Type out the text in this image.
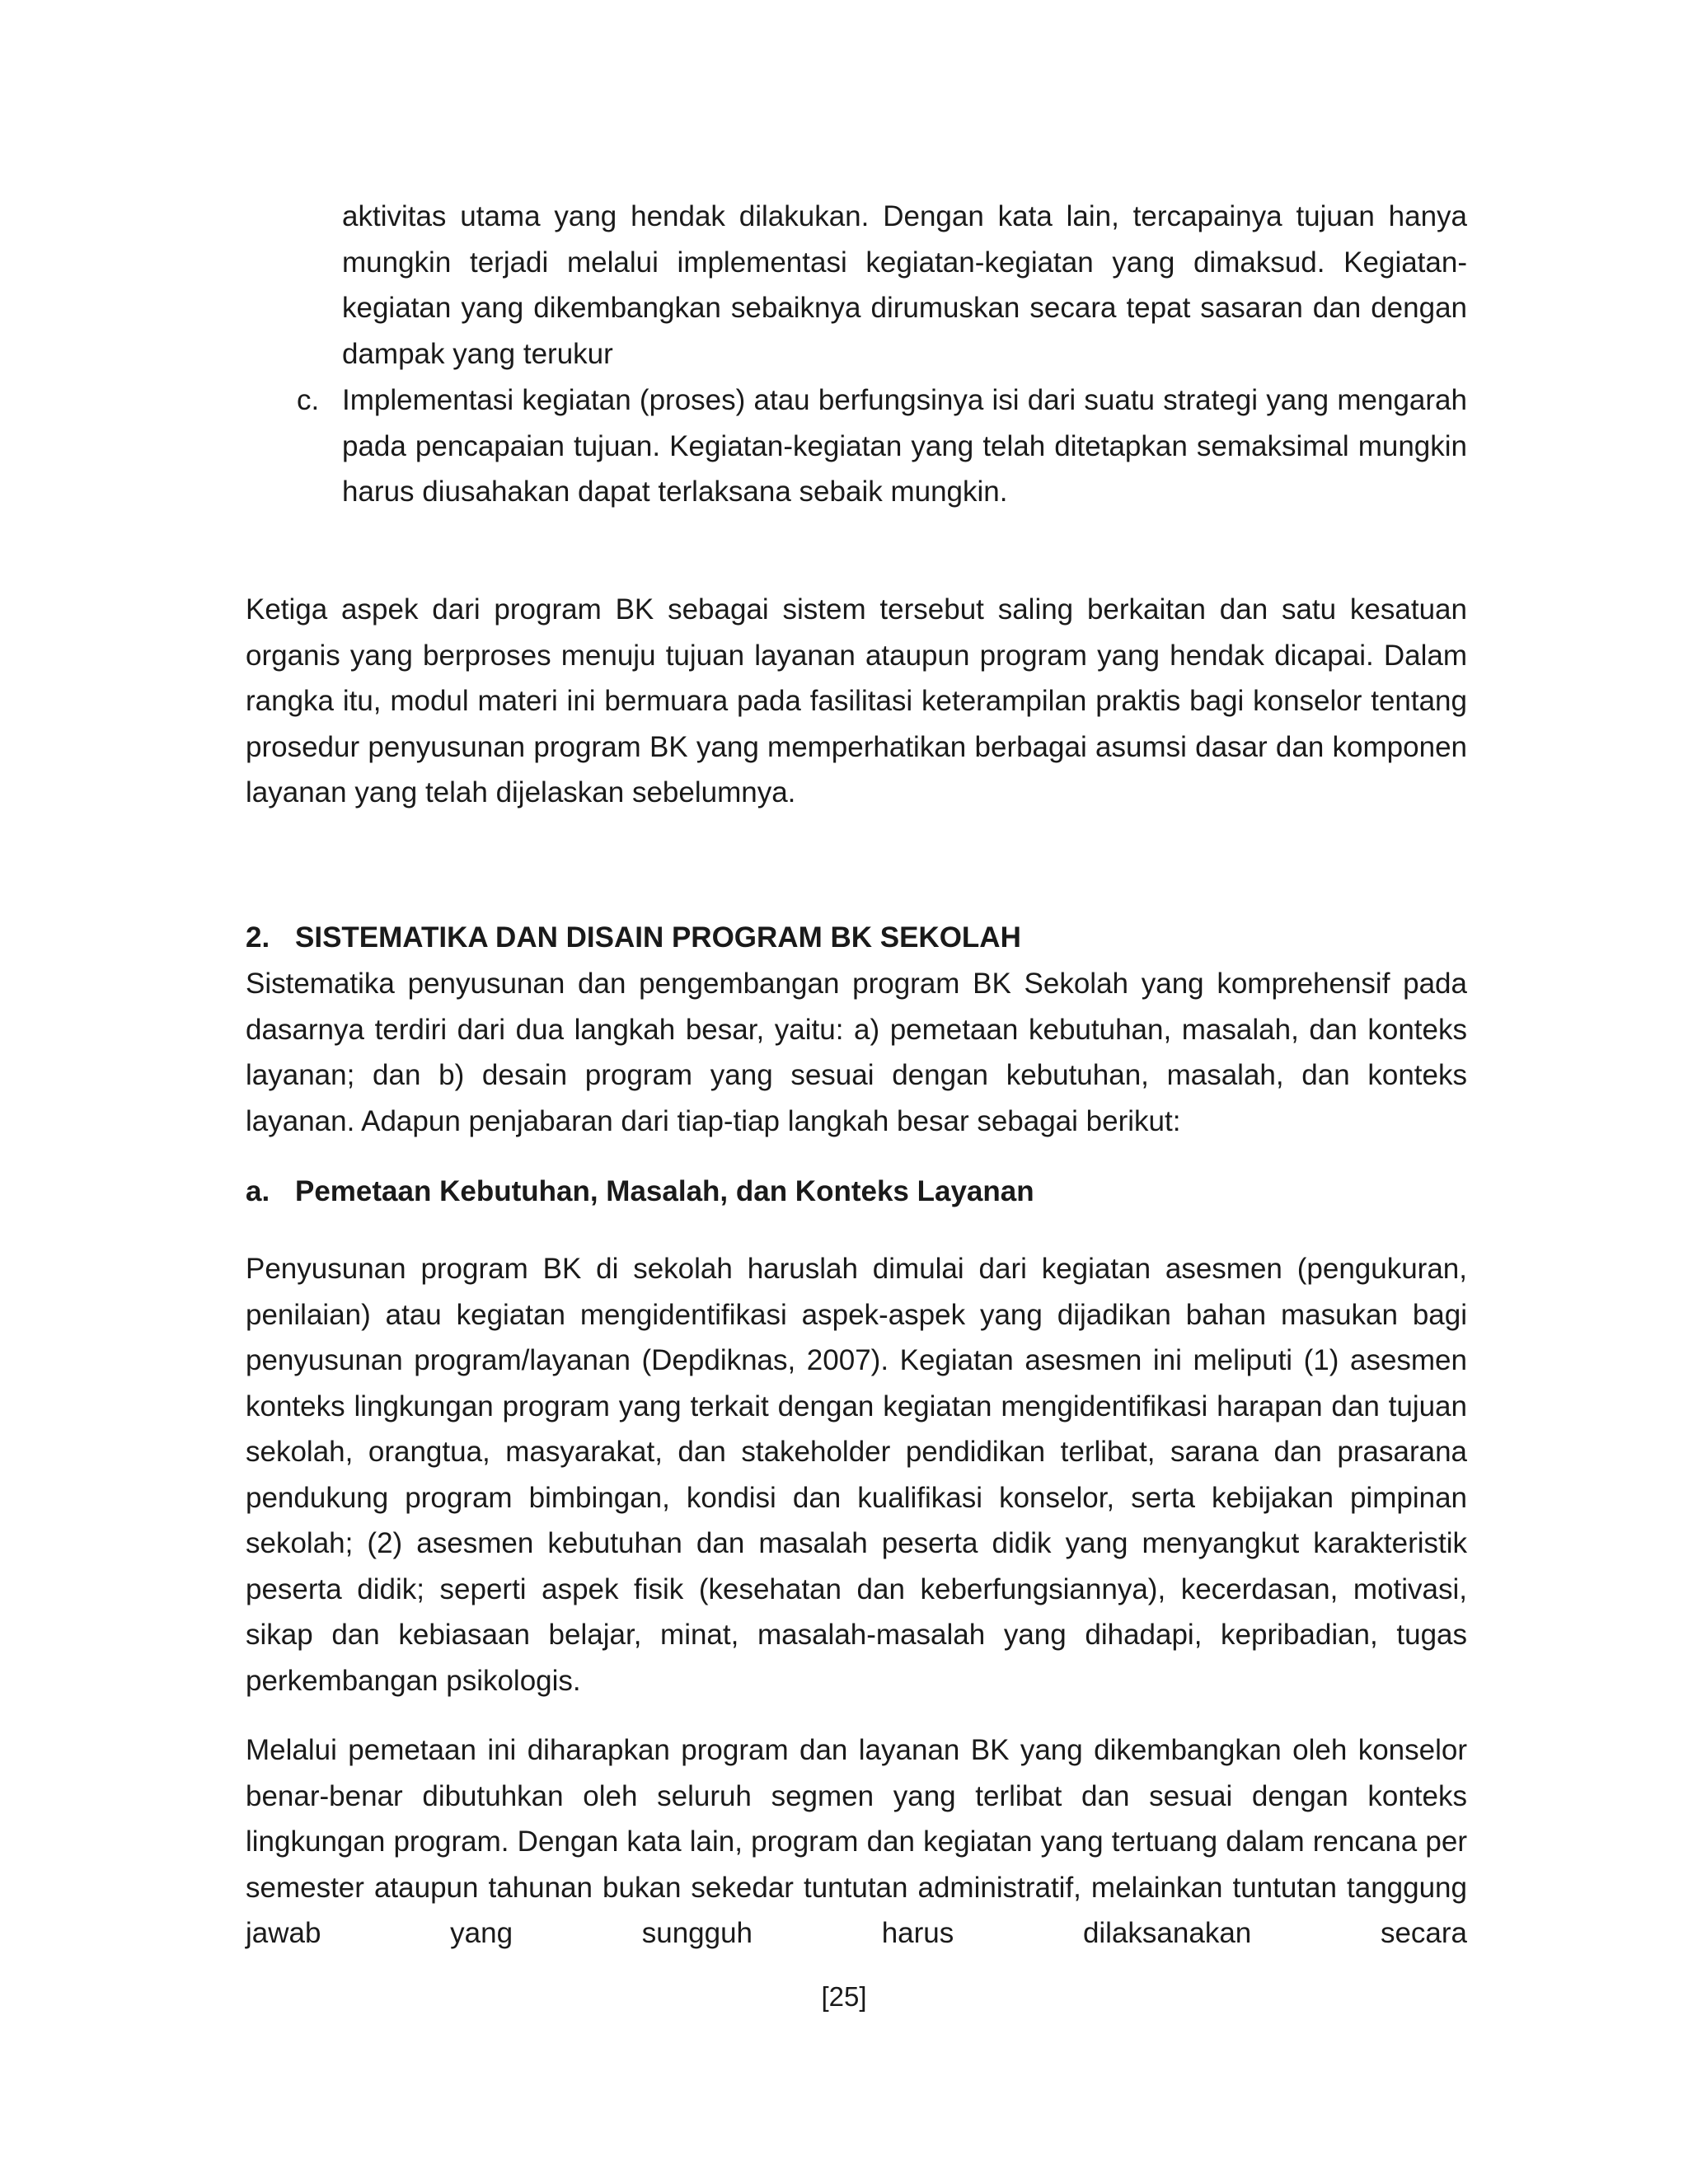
aktivitas utama yang hendak dilakukan. Dengan kata lain, tercapainya tujuan hanya mungkin terjadi melalui implementasi kegiatan-kegiatan yang dimaksud. Kegiatan-kegiatan yang dikembangkan sebaiknya dirumuskan secara tepat sasaran dan dengan dampak yang terukur

c. Implementasi kegiatan (proses) atau berfungsinya isi dari suatu strategi yang mengarah pada pencapaian tujuan. Kegiatan-kegiatan yang telah ditetapkan semaksimal mungkin harus diusahakan dapat terlaksana sebaik mungkin.

Ketiga aspek dari program BK sebagai sistem tersebut saling berkaitan dan satu kesatuan organis yang berproses menuju tujuan layanan ataupun program yang hendak dicapai. Dalam rangka itu, modul materi ini bermuara pada fasilitasi keterampilan praktis bagi konselor tentang prosedur penyusunan program BK yang memperhatikan berbagai asumsi dasar dan komponen layanan yang telah dijelaskan sebelumnya.

2. SISTEMATIKA DAN DISAIN PROGRAM BK SEKOLAH

Sistematika penyusunan dan pengembangan program BK Sekolah yang komprehensif pada dasarnya terdiri dari dua langkah besar, yaitu: a) pemetaan kebutuhan, masalah, dan konteks layanan; dan b) desain program yang sesuai dengan kebutuhan, masalah, dan konteks layanan. Adapun penjabaran dari tiap-tiap langkah besar sebagai berikut:

a. Pemetaan Kebutuhan, Masalah, dan Konteks Layanan

Penyusunan program BK di sekolah haruslah dimulai dari kegiatan asesmen (pengukuran, penilaian) atau kegiatan mengidentifikasi aspek-aspek yang dijadikan bahan masukan bagi penyusunan program/layanan (Depdiknas, 2007). Kegiatan asesmen ini meliputi (1) asesmen konteks lingkungan program yang terkait dengan kegiatan mengidentifikasi harapan dan tujuan sekolah, orangtua, masyarakat, dan stakeholder pendidikan terlibat, sarana dan prasarana pendukung program bimbingan, kondisi dan kualifikasi konselor, serta kebijakan pimpinan sekolah; (2) asesmen kebutuhan dan masalah peserta didik yang menyangkut karakteristik peserta didik; seperti aspek fisik (kesehatan dan keberfungsiannya), kecerdasan, motivasi, sikap dan kebiasaan belajar, minat, masalah-masalah yang dihadapi, kepribadian, tugas perkembangan psikologis.

Melalui pemetaan ini diharapkan program dan layanan BK yang dikembangkan oleh konselor benar-benar dibutuhkan oleh seluruh segmen yang terlibat dan sesuai dengan konteks lingkungan program. Dengan kata lain, program dan kegiatan yang tertuang dalam rencana per semester ataupun tahunan bukan sekedar tuntutan administratif, melainkan tuntutan tanggung jawab yang sungguh harus dilaksanakan secara

[25]
